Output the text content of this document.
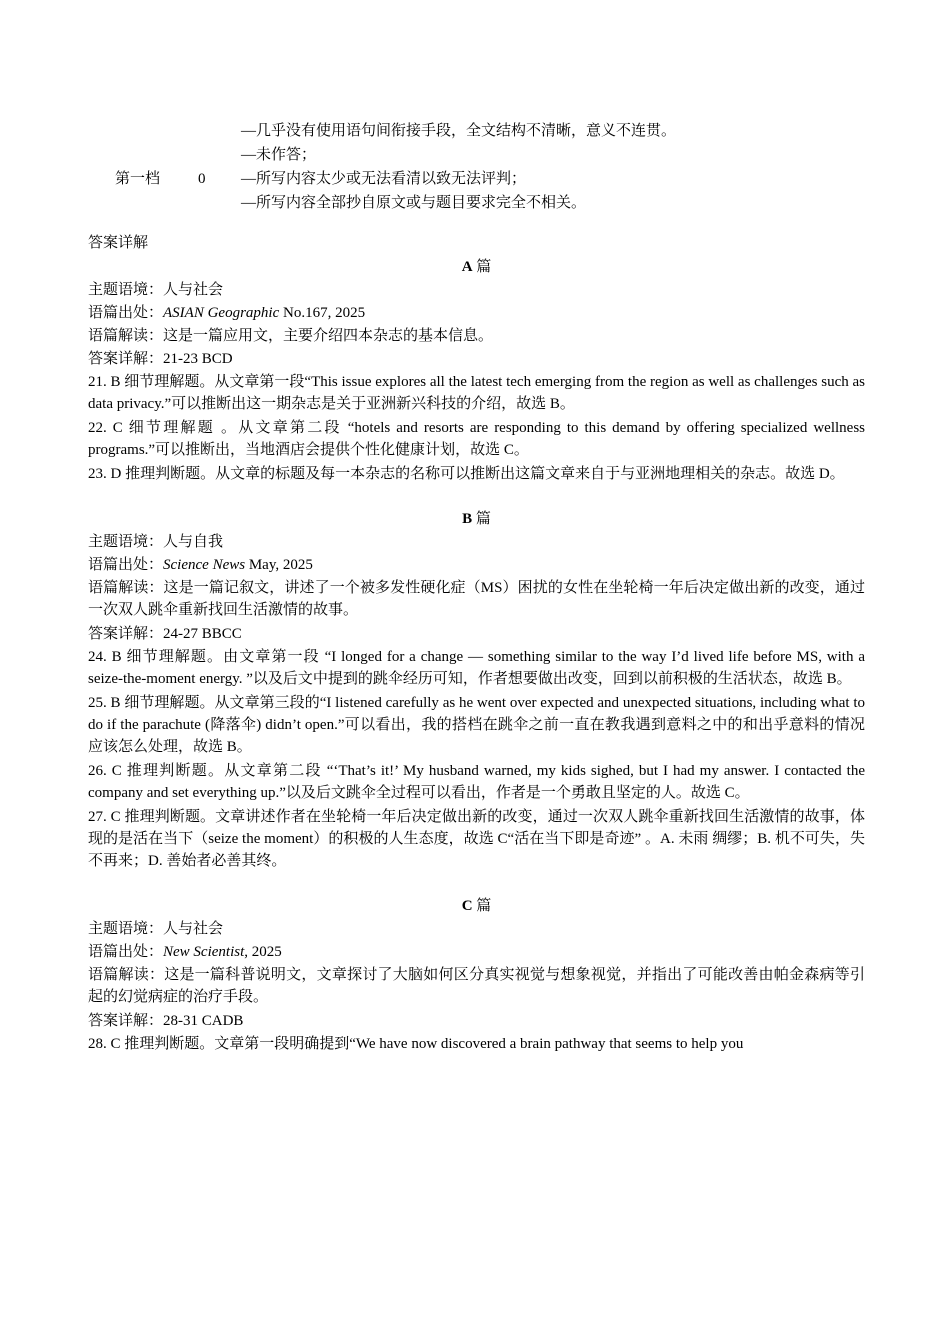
—几乎没有使用语句间衔接手段，全文结构不清晰，意义不连贯。
—未作答；
—所写内容太少或无法看清以致无法评判；
—所写内容全部抄自原文或与题目要求完全不相关。
第一档	0
答案详解
A 篇
主题语境：人与社会
语篇出处：ASIAN Geographic No.167, 2025
语篇解读：这是一篇应用文，主要介绍四本杂志的基本信息。
答案详解：21-23 BCD
21. B 细节理解题。从文章第一段“This issue explores all the latest tech emerging from the region as well as challenges such as data privacy.”可以推断出这一期杂志是关于亚洲新兴科技的介绍，故选 B。
22. C 细节理解题 。从文章第二段 “hotels and resorts are responding to this demand by offering specialized wellness programs.”可以推断出，当地酒店会提供个性化健康计划，故选 C。
23. D 推理判断题。从文章的标题及每一本杂志的名称可以推断出这篇文章来自于与亚洲地理相关的杂志。故选 D。
B 篇
主题语境：人与自我
语篇出处：Science News May, 2025
语篇解读：这是一篇记叙文，讲述了一个被多发性硬化症（MS）困扰的女性在坐轮椅一年后决定做出新的改变，通过一次双人跳伞重新找回生活激情的故事。
答案详解：24-27 BBCC
24. B 细节理解题。由文章第一段 “I longed for a change — something similar to the way I’d lived life before MS, with a seize-the-moment energy. ”以及后文中提到的跳伞经历可知，作者想要做出改变，回到以前积极的生活状态，故选 B。
25. B 细节理解题。从文章第三段的“I listened carefully as he went over expected and unexpected situations, including what to do if the parachute (降落伞) didn’t open.”可以看出，我的搭档在跳伞之前一直在教我遇到意料之中的和出乎意料的情况应该怎么处理，故选 B。
26. C 推理判断题。从文章第二段 “‘That’s it!’ My husband warned, my kids sighed, but I had my answer. I contacted the company and set everything up.”以及后文跳伞全过程可以看出，作者是一个勇敢且坚定的人。故选 C。
27. C 推理判断题。文章讲述作者在坐轮椅一年后决定做出新的改变，通过一次双人跳伞重新找回生活激情的故事，体现的是活在当下（seize the moment）的积极的人生态度，故选 C“活在当下即是奇迹” 。A. 未雨 绸缪；B. 机不可失，失不再来；D. 善始者必善其终。
C 篇
主题语境：人与社会
语篇出处：New Scientist, 2025
语篇解读：这是一篇科普说明文，文章探讨了大脑如何区分真实视觉与想象视觉，并指出了可能改善由帕金森病等引起的幻觉病症的治疗手段。
答案详解：28-31 CADB
28. C 推理判断题。文章第一段明确提到“We have now discovered a brain pathway that seems to help you
